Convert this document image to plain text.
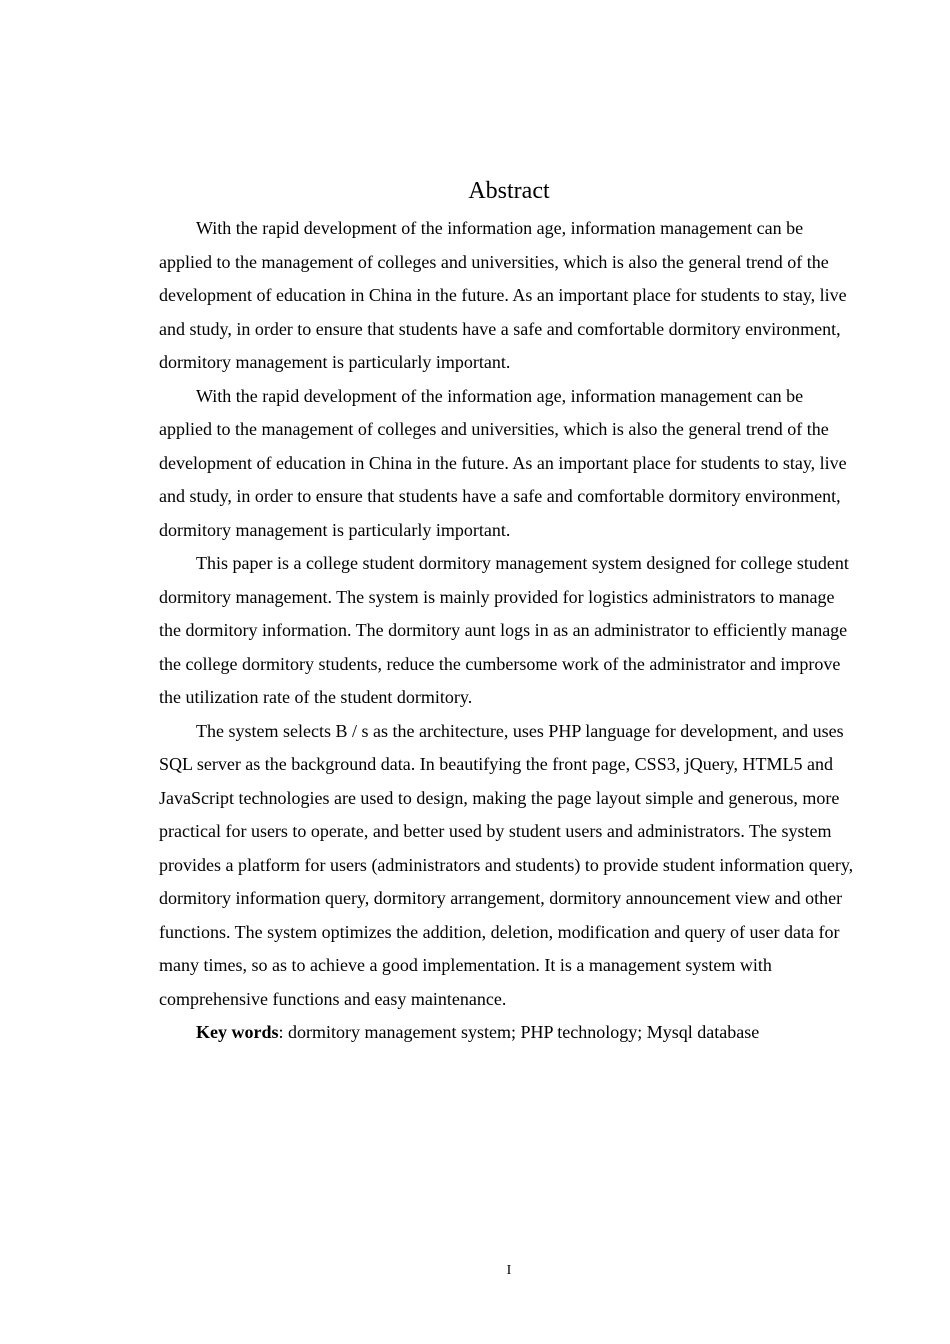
Abstract

With the rapid development of the information age, information management can be applied to the management of colleges and universities, which is also the general trend of the development of education in China in the future. As an important place for students to stay, live and study, in order to ensure that students have a safe and comfortable dormitory environment, dormitory management is particularly important.

With the rapid development of the information age, information management can be applied to the management of colleges and universities, which is also the general trend of the development of education in China in the future. As an important place for students to stay, live and study, in order to ensure that students have a safe and comfortable dormitory environment, dormitory management is particularly important.

This paper is a college student dormitory management system designed for college student dormitory management. The system is mainly provided for logistics administrators to manage the dormitory information. The dormitory aunt logs in as an administrator to efficiently manage the college dormitory students, reduce the cumbersome work of the administrator and improve the utilization rate of the student dormitory.

The system selects B / s as the architecture, uses PHP language for development, and uses SQL server as the background data. In beautifying the front page, CSS3, jQuery, HTML5 and JavaScript technologies are used to design, making the page layout simple and generous, more practical for users to operate, and better used by student users and administrators. The system provides a platform for users (administrators and students) to provide student information query, dormitory information query, dormitory arrangement, dormitory announcement view and other functions. The system optimizes the addition, deletion, modification and query of user data for many times, so as to achieve a good implementation. It is a management system with comprehensive functions and easy maintenance.

Key words: dormitory management system; PHP technology; Mysql database

I
